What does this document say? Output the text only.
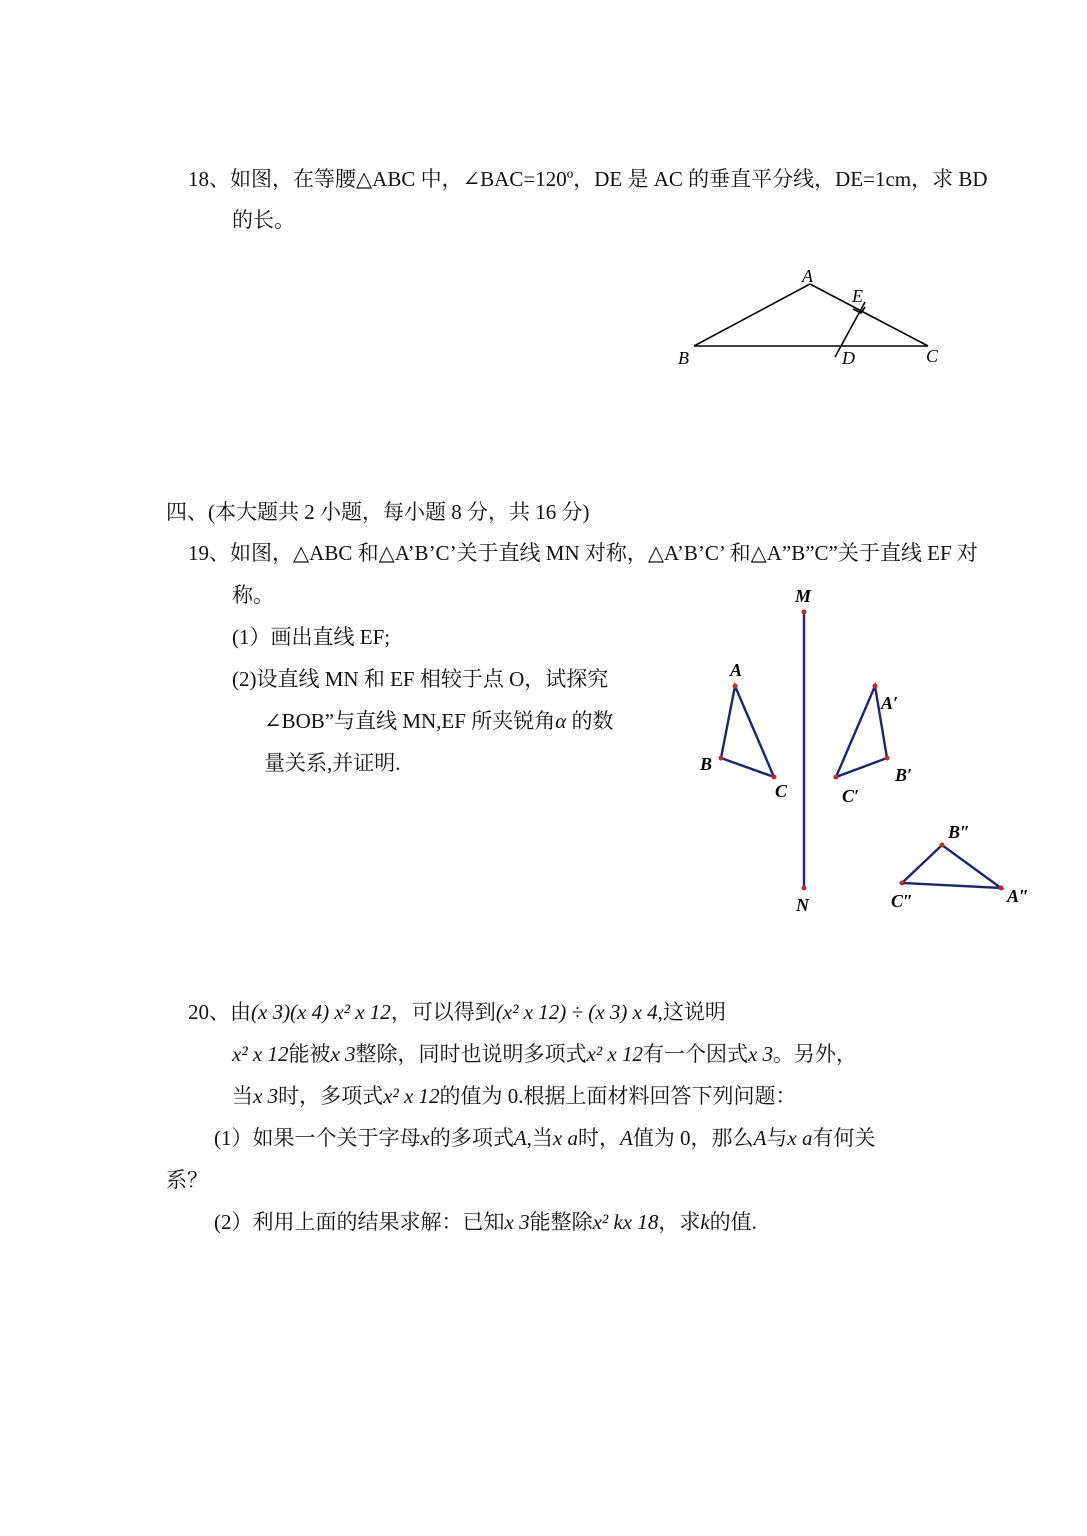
18、如图，在等腰△ABC 中，∠BAC=120º，DE 是 AC 的垂直平分线，DE=1cm，求 BD
的长。
A
E
B	D	C
四、(本大题共 2 小题，每小题 8 分，共 16 分)
19、如图，△ABC 和△A’B’C’关于直线 MN 对称，△A’B’C’ 和△A”B”C”关于直线 EF 对
称。
(1）画出直线 EF;
(2)设直线 MN 和 EF 相较于点 O，试探究
∠BOB”与直线 MN,EF 所夹锐角α 的数
量关系,并证明.
M
N
A
B
C
A′
B′
C′
B″
C″	A″
20、由(x 3)(x 4) x² x 12，可以得到(x² x 12) ÷ (x 3) x 4,这说明
x² x 12能被x 3整除，同时也说明多项式x² x 12有一个因式x 3。另外，
当x 3时，多项式x² x 12的值为 0.根据上面材料回答下列问题：
(1）如果一个关于字母x的多项式A,当x a时，A值为 0，那么A与x a有何关
系？
(2）利用上面的结果求解：已知x 3能整除x² kx 18，求k的值.
